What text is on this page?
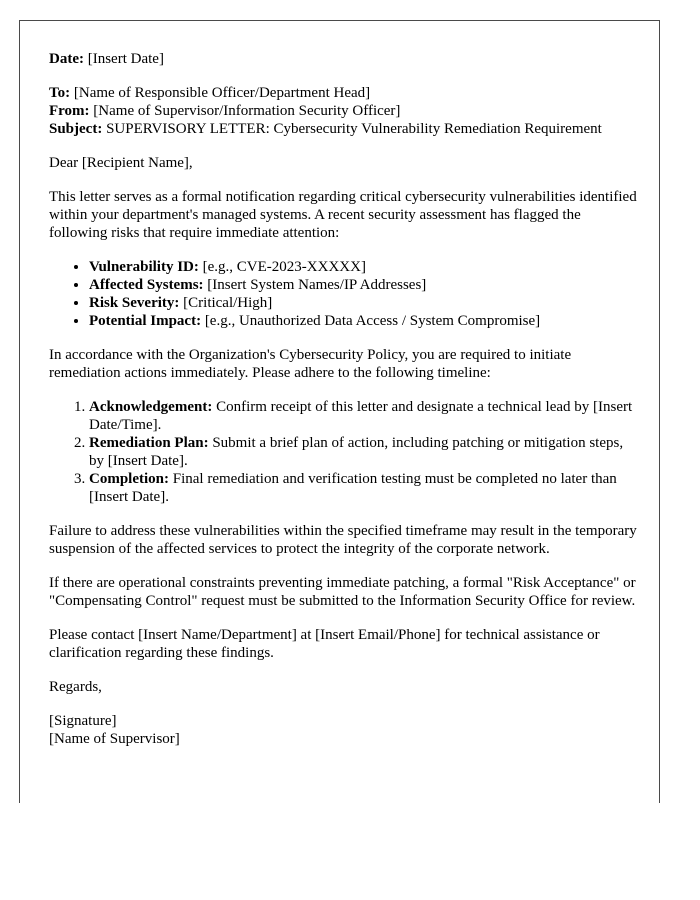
Date: [Insert Date]

To: [Name of Responsible Officer/Department Head]

From: [Name of Supervisor/Information Security Officer]

Subject: SUPERVISORY LETTER: Cybersecurity Vulnerability Remediation Requirement

Dear [Recipient Name],

This letter serves as a formal notification regarding critical cybersecurity vulnerabilities identified within your department's managed systems. A recent security assessment has flagged the following risks that require immediate attention:

• Vulnerability ID: [e.g., CVE-2023-XXXXX]
• Affected Systems: [Insert System Names/IP Addresses]
• Risk Severity: [Critical/High]
• Potential Impact: [e.g., Unauthorized Data Access / System Compromise]

In accordance with the Organization's Cybersecurity Policy, you are required to initiate remediation actions immediately. Please adhere to the following timeline:

1. Acknowledgement: Confirm receipt of this letter and designate a technical lead by [Insert Date/Time].
2. Remediation Plan: Submit a brief plan of action, including patching or mitigation steps, by [Insert Date].
3. Completion: Final remediation and verification testing must be completed no later than [Insert Date].

Failure to address these vulnerabilities within the specified timeframe may result in the temporary suspension of the affected services to protect the integrity of the corporate network.

If there are operational constraints preventing immediate patching, a formal "Risk Acceptance" or "Compensating Control" request must be submitted to the Information Security Office for review.

Please contact [Insert Name/Department] at [Insert Email/Phone] for technical assistance or clarification regarding these findings.

Regards,

[Signature]

[Name of Supervisor]
